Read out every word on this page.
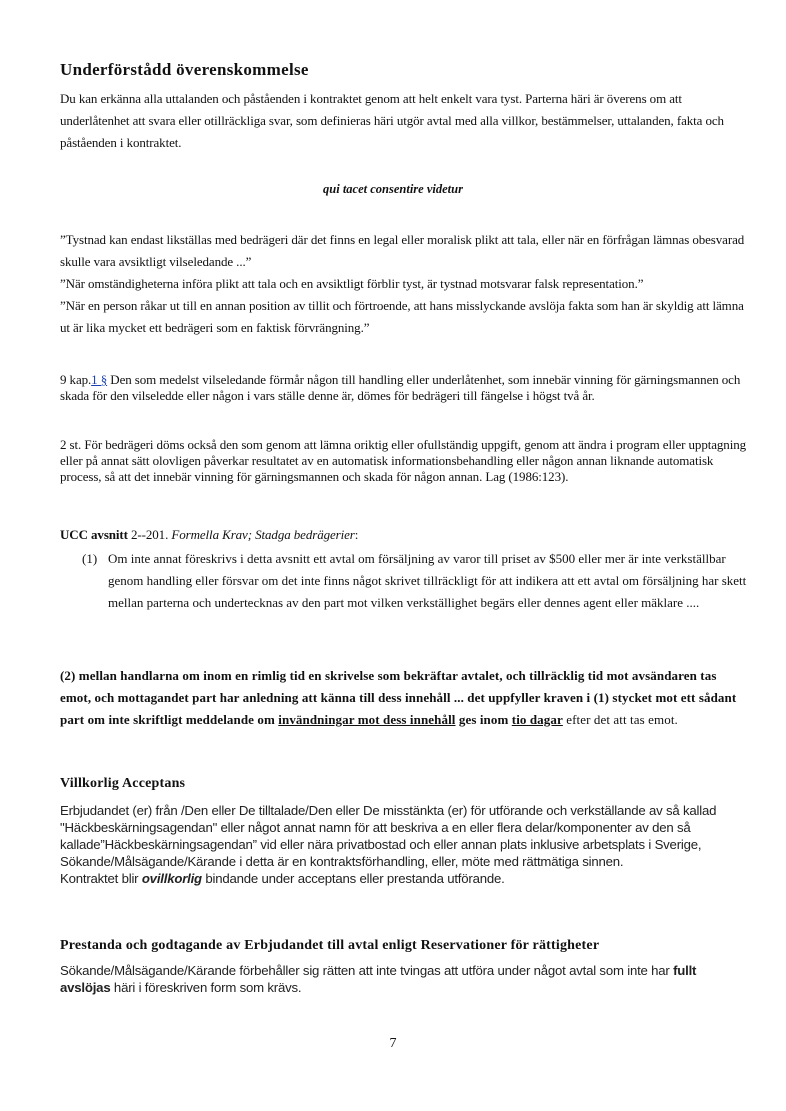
Underförstådd överenskommelse

Du kan erkänna alla uttalanden och påståenden i kontraktet genom att helt enkelt vara tyst. Parterna häri är överens om att underlåtenhet att svara eller otillräckliga svar, som definieras häri utgör avtal med alla villkor, bestämmelser, uttalanden, fakta och påståenden i kontraktet.

qui tacet consentire videtur
”Tystnad kan endast likställas med bedrägeri där det finns en legal eller moralisk plikt att tala, eller när en förfrågan lämnas obesvarad skulle vara avsiktligt vilseledande ...”
”När omständigheterna införa plikt att tala och en avsiktligt förblir tyst, är tystnad motsvarar falsk representation.”
”När en person råkar ut till en annan position av tillit och förtroende, att hans misslyckande avslöja fakta som han är skyldig att lämna ut är lika mycket ett bedrägeri som en faktisk förvrängning.”

9 kap.1 § Den som medelst vilseledande förmår någon till handling eller underlåtenhet, som innebär vinning för gärningsmannen och skada för den vilseledde eller någon i vars ställe denne är, dömes för bedrägeri till fängelse i högst två år.

2 st. För bedrägeri döms också den som genom att lämna oriktig eller ofullständig uppgift, genom att ändra i program eller upptagning eller på annat sätt olovligen påverkar resultatet av en automatisk informationsbehandling eller någon annan liknande automatisk process, så att det innebär vinning för gärningsmannen och skada för någon annan. Lag (1986:123).

UCC avsnitt 2--201. Formella Krav; Stadga bedrägerier:

(1) Om inte annat föreskrivs i detta avsnitt ett avtal om försäljning av varor till priset av $500 eller mer är inte verkställbar genom handling eller försvar om det inte finns något skrivet tillräckligt för att indikera att ett avtal om försäljning har skett mellan parterna och undertecknas av den part mot vilken verkställighet begärs eller dennes agent eller mäklare ....

(2) mellan handlarna om inom en rimlig tid en skrivelse som bekräftar avtalet, och tillräcklig tid mot avsändaren tas emot, och mottagandet part har anledning att känna till dess innehåll ... det uppfyller kraven i (1) stycket mot ett sådant part om inte skriftligt meddelande om invändningar mot dess innehåll ges inom tio dagar efter det att tas emot.

Villkorlig Acceptans
Erbjudandet (er) från /Den eller De tilltalade/Den eller De misstänkta (er) för utförande och verkställande av så kallad "Häckbeskärningsagendan" eller något annat namn för att beskriva a en eller flera delar/komponenter av den så kallade”Häckbeskärningsagendan” vid eller nära privatbostad och eller annan plats inklusive arbetsplats i Sverige, Sökande/Målsägande/Kärande i detta är en kontraktsförhandling, eller, möte med rättmätiga sinnen.
Kontraktet blir ovillkorlig bindande under acceptans eller prestanda utförande.
Prestanda och godtagande av Erbjudandet till avtal enligt Reservationer för rättigheter

Sökande/Målsägande/Kärande förbehåller sig rätten att inte tvingas att utföra under något avtal som inte har fullt avslöjas häri i föreskriven form som krävs.

7
